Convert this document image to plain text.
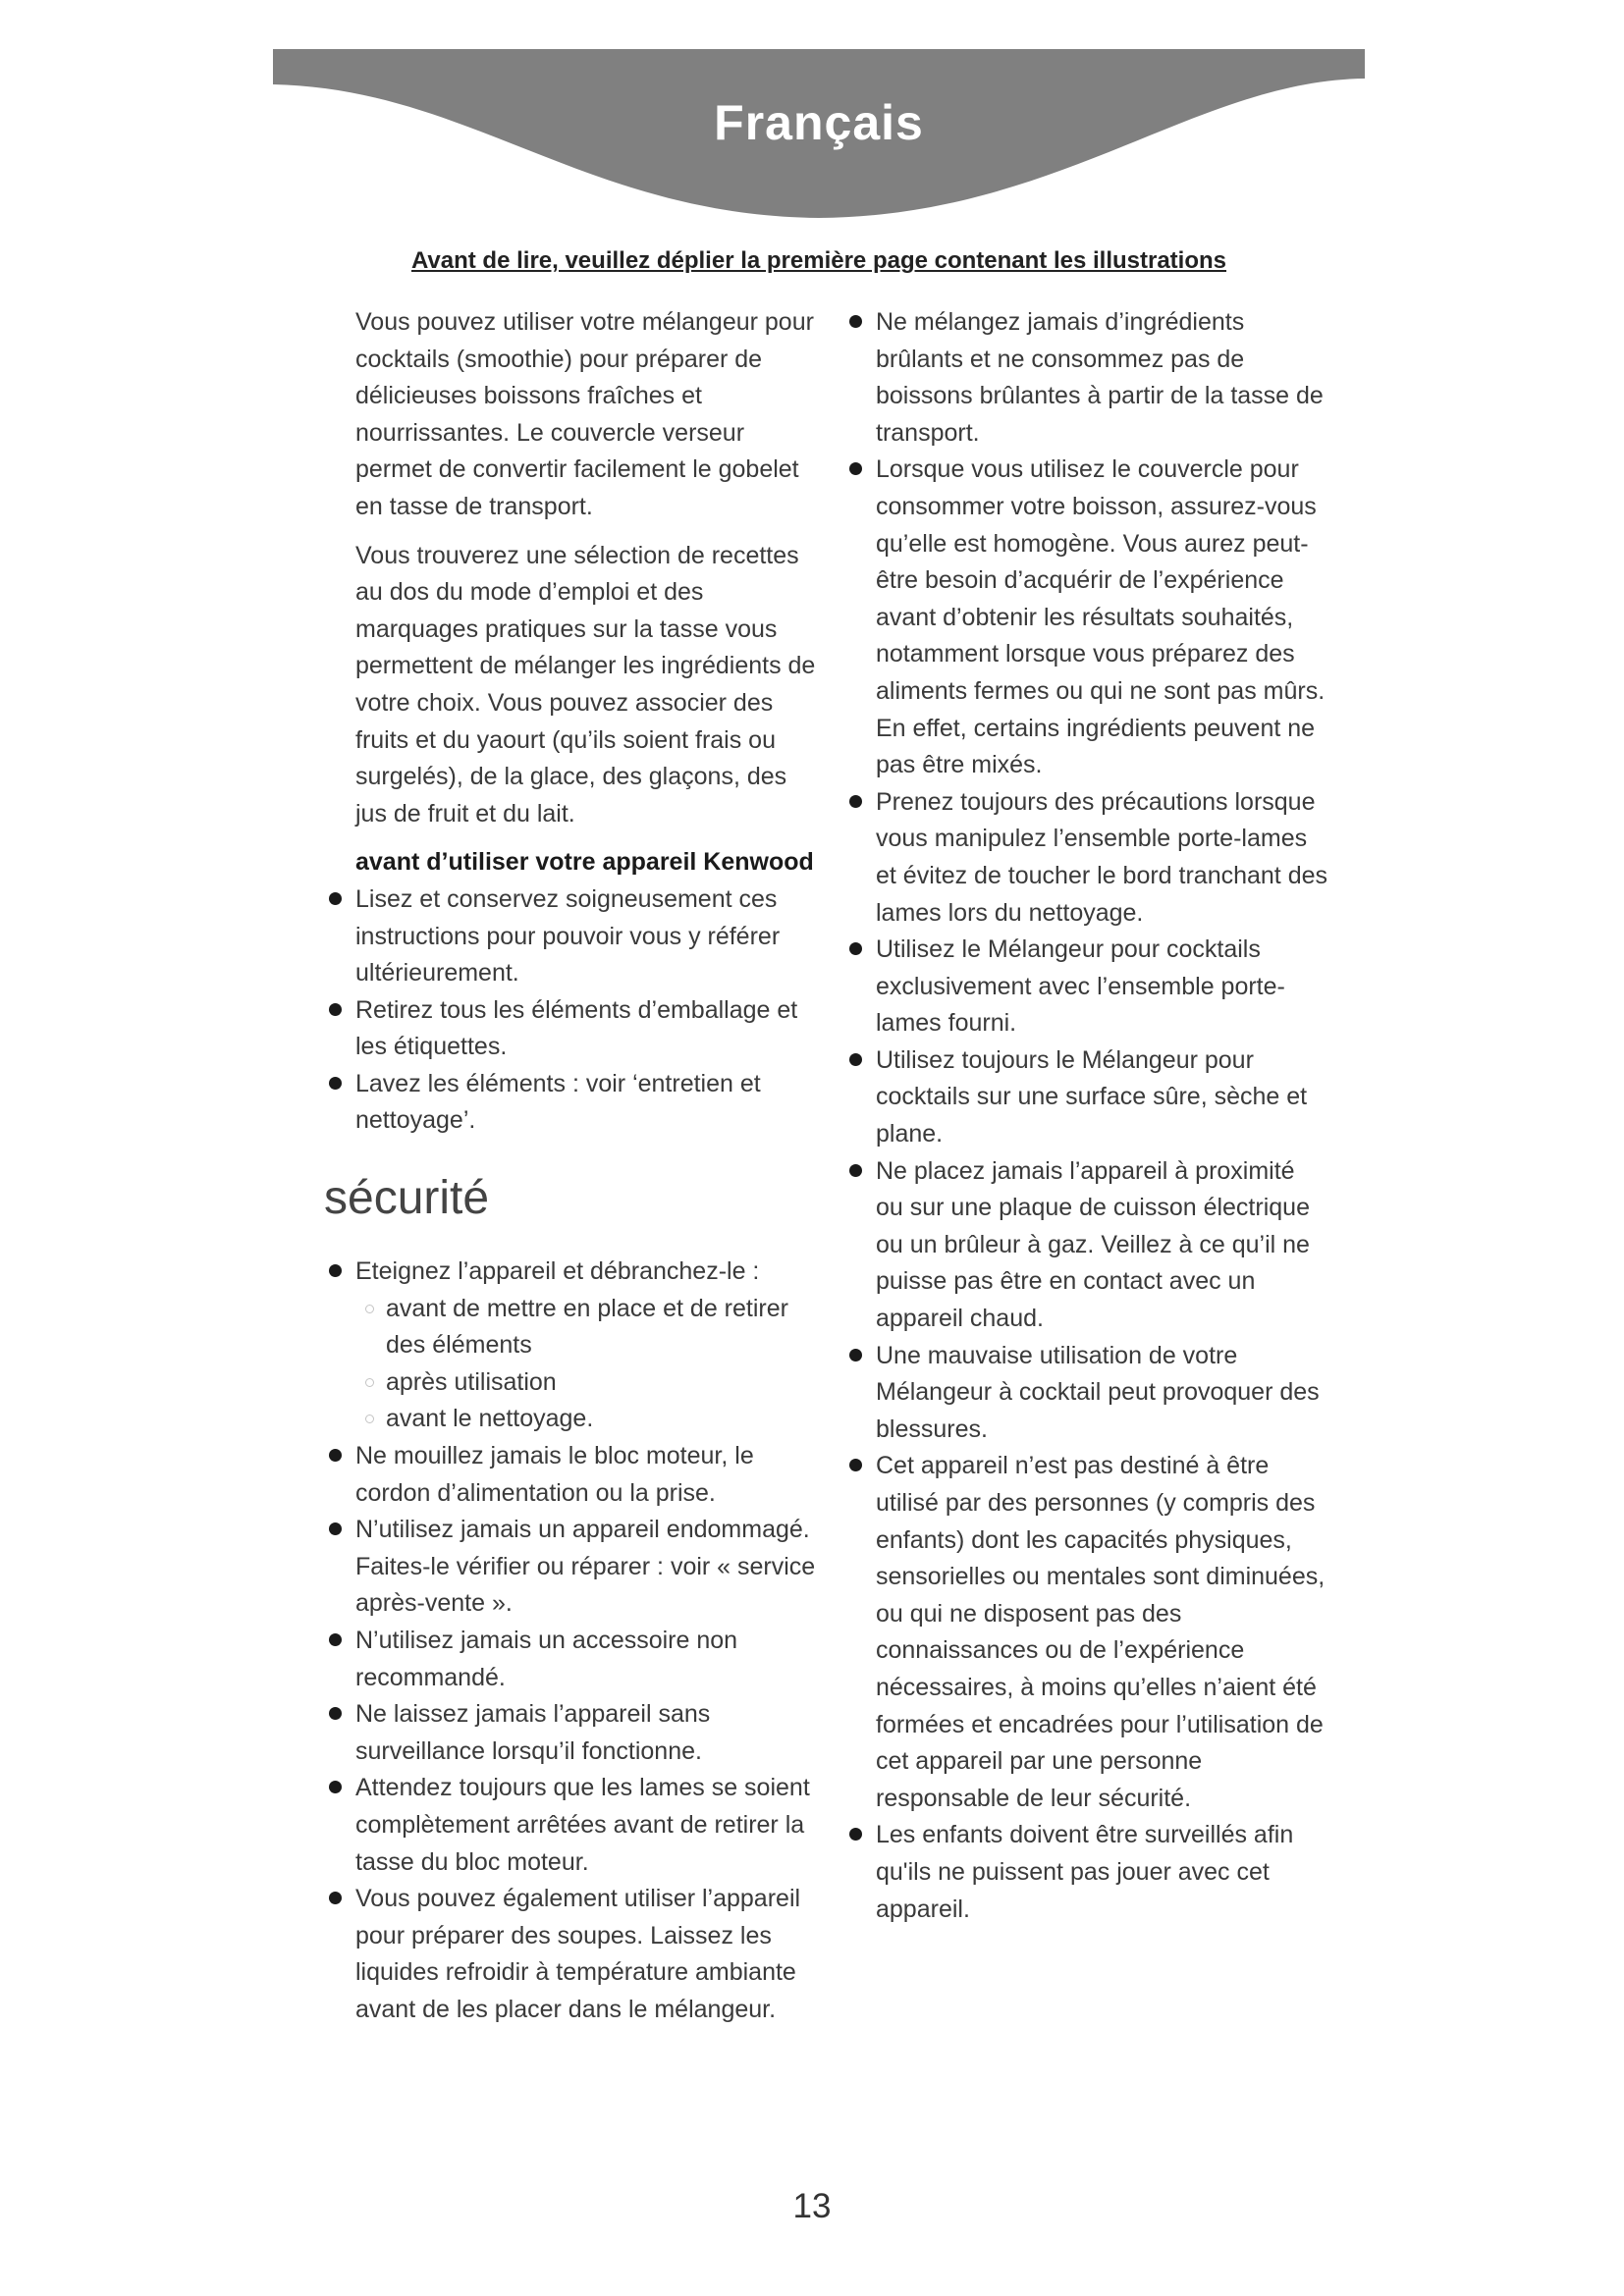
Français
Avant de lire, veuillez déplier la première page contenant les illustrations

Vous pouvez utiliser votre mélangeur pour cocktails (smoothie) pour préparer de délicieuses boissons fraîches et nourrissantes. Le couvercle verseur permet de convertir facilement le gobelet en tasse de transport.

Vous trouverez une sélection de recettes au dos du mode d’emploi et des marquages pratiques sur la tasse vous permettent de mélanger les ingrédients de votre choix. Vous pouvez associer des fruits et du yaourt (qu’ils soient frais ou surgelés), de la glace, des glaçons, des jus de fruit et du lait.

avant d’utiliser votre appareil Kenwood
Lisez et conservez soigneusement ces instructions pour pouvoir vous y référer ultérieurement.
Retirez tous les éléments d’emballage et les étiquettes.
Lavez les éléments : voir ‘entretien et nettoyage’.
sécurité
Eteignez l’appareil et débranchez-le :
avant de mettre en place et de retirer des éléments
après utilisation
avant le nettoyage.
Ne mouillez jamais le bloc moteur, le cordon d’alimentation ou la prise.
N’utilisez jamais un appareil endommagé. Faites-le vérifier ou réparer : voir « service après-vente ».
N’utilisez jamais un accessoire non recommandé.
Ne laissez jamais l’appareil sans surveillance lorsqu’il fonctionne.
Attendez toujours que les lames se soient complètement arrêtées avant de retirer la tasse du bloc moteur.
Vous pouvez également utiliser l’appareil pour préparer des soupes. Laissez les liquides refroidir à température ambiante avant de les placer dans le mélangeur.
Ne mélangez jamais d’ingrédients brûlants et ne consommez pas de boissons brûlantes à partir de la tasse de transport.
Lorsque vous utilisez le couvercle pour consommer votre boisson, assurez-vous qu’elle est homogène. Vous aurez peut-être besoin d’acquérir de l’expérience avant d’obtenir les résultats souhaités, notamment lorsque vous préparez des aliments fermes ou qui ne sont pas mûrs. En effet, certains ingrédients peuvent ne pas être mixés.
Prenez toujours des précautions lorsque vous manipulez l’ensemble porte-lames et évitez de toucher le bord tranchant des lames lors du nettoyage.
Utilisez le Mélangeur pour cocktails exclusivement avec l’ensemble porte-lames fourni.
Utilisez toujours le Mélangeur pour cocktails sur une surface sûre, sèche et plane.
Ne placez jamais l’appareil à proximité ou sur une plaque de cuisson électrique ou un brûleur à gaz. Veillez à ce qu’il ne puisse pas être en contact avec un appareil chaud.
Une mauvaise utilisation de votre Mélangeur à cocktail peut provoquer des blessures.
Cet appareil n’est pas destiné à être utilisé par des personnes (y compris des enfants) dont les capacités physiques, sensorielles ou mentales sont diminuées, ou qui ne disposent pas des connaissances ou de l’expérience nécessaires, à moins qu’elles n’aient été formées et encadrées pour l’utilisation de cet appareil par une personne responsable de leur sécurité.
Les enfants doivent être surveillés afin qu'ils ne puissent pas jouer avec cet appareil.
13
